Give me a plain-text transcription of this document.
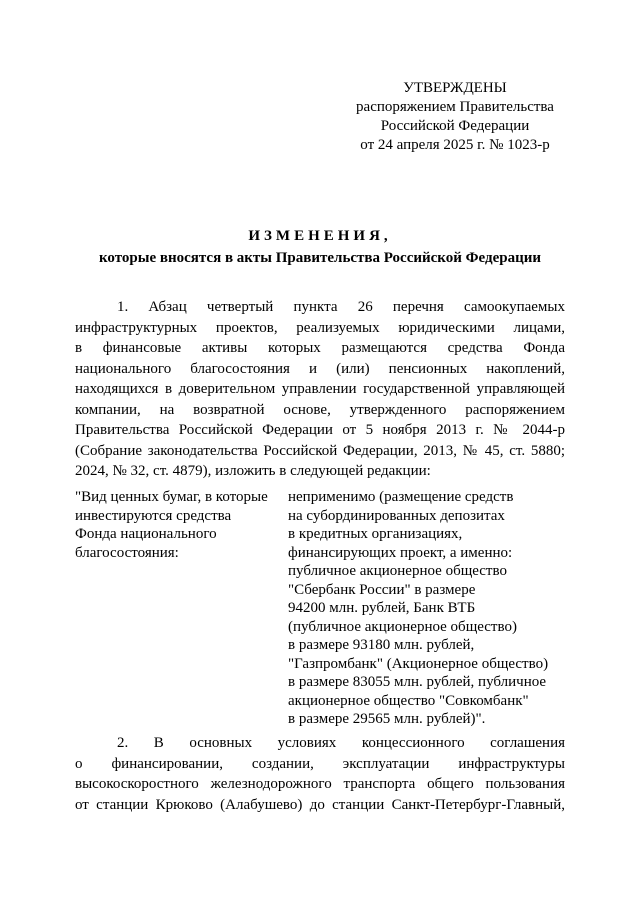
УТВЕРЖДЕНЫ
распоряжением Правительства
Российской Федерации
от 24 апреля 2025 г. № 1023-р
ИЗМЕНЕНИЯ,
которые вносятся в акты Правительства Российской Федерации
1. Абзац четвертый пункта 26 перечня самоокупаемых
инфраструктурных проектов, реализуемых юридическими лицами,
в финансовые активы которых размещаются средства Фонда
национального благосостояния и (или) пенсионных накоплений,
находящихся в доверительном управлении государственной управляющей
компании, на возвратной основе, утвержденного распоряжением
Правительства Российской Федерации от 5 ноября 2013 г. № 2044-р
(Собрание законодательства Российской Федерации, 2013, № 45, ст. 5880;
2024, № 32, ст. 4879), изложить в следующей редакции:
"Вид ценных бумаг, в которые
инвестируются средства
Фонда национального
благосостояния:
неприменимо (размещение средств
на субординированных депозитах
в кредитных организациях,
финансирующих проект, а именно:
публичное акционерное общество
"Сбербанк России" в размере
94200 млн. рублей, Банк ВТБ
(публичное акционерное общество)
в размере 93180 млн. рублей,
"Газпромбанк" (Акционерное общество)
в размере 83055 млн. рублей, публичное
акционерное общество "Совкомбанк"
в размере 29565 млн. рублей)".
2. В основных условиях концессионного соглашения
о финансировании, создании, эксплуатации инфраструктуры
высокоскоростного железнодорожного транспорта общего пользования
от станции Крюково (Алабушево) до станции Санкт-Петербург-Главный,
